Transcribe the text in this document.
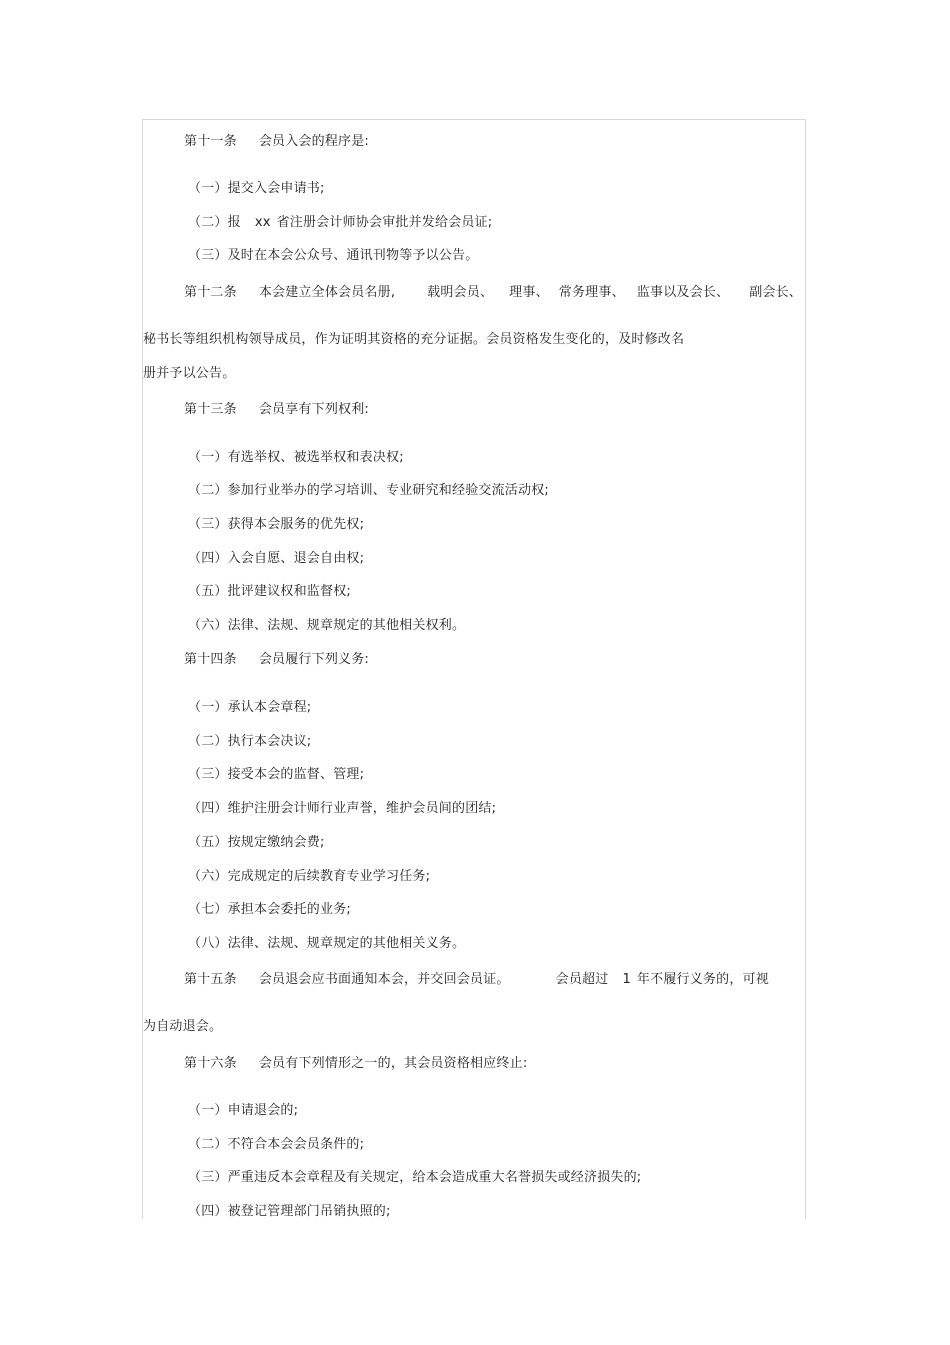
第十一条 会员入会的程序是:
（一）提交入会申请书;
（二）报 xx 省注册会计师协会审批并发给会员证;
（三）及时在本会公众号、通讯刊物等予以公告。
第十二条 本会建立全体会员名册, 载明会员、 理事、 常务理事、 监事以及会长、 副会长、
秘书长等组织机构领导成员，作为证明其资格的充分证据。会员资格发生变化的，及时修改名
册并予以公告。
第十三条 会员享有下列权利:
（一）有选举权、被选举权和表决权;
（二）参加行业举办的学习培训、专业研究和经验交流活动权;
（三）获得本会服务的优先权;
（四）入会自愿、退会自由权;
（五）批评建议权和监督权;
（六）法律、法规、规章规定的其他相关权利。
第十四条 会员履行下列义务:
（一）承认本会章程;
（二）执行本会决议;
（三）接受本会的监督、管理;
（四）维护注册会计师行业声誉，维护会员间的团结;
（五）按规定缴纳会费;
（六）完成规定的后续教育专业学习任务;
（七）承担本会委托的业务;
（八）法律、法规、规章规定的其他相关义务。
第十五条 会员退会应书面通知本会，并交回会员证。	会员超过 1 年不履行义务的，可视
为自动退会。
第十六条 会员有下列情形之一的，其会员资格相应终止:
（一）申请退会的;
（二）不符合本会会员条件的;
（三）严重违反本会章程及有关规定，给本会造成重大名誉损失或经济损失的;
（四）被登记管理部门吊销执照的;
